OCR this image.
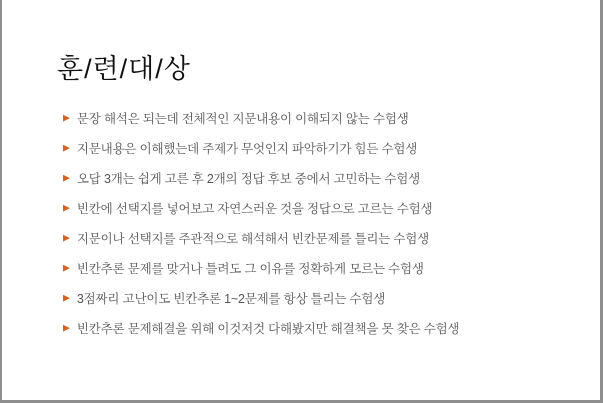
훈/련/대/상
▶ 문장 해석은 되는데 전체적인 지문내용이 이해되지 않는 수험생
▶ 지문내용은 이해했는데 주제가 무엇인지 파악하기가 힘든 수험생
▶ 오답 3개는 쉽게 고른 후 2개의 정답 후보 중에서 고민하는 수험생
▶ 빈칸에 선택지를 넣어보고 자연스러운 것을 정답으로 고르는 수험생
▶ 지문이나 선택지를 주관적으로 해석해서 빈칸문제를 틀리는 수험생
▶ 빈칸추론 문제를 맞거나 틀려도 그 이유를 정확하게 모르는 수험생
▶ 3점짜리 고난이도 빈칸추론 1~2문제를 항상 틀리는 수험생
▶ 빈칸추론 문제해결을 위해 이것저것 다해봤지만 해결책을 못 찾은 수험생
